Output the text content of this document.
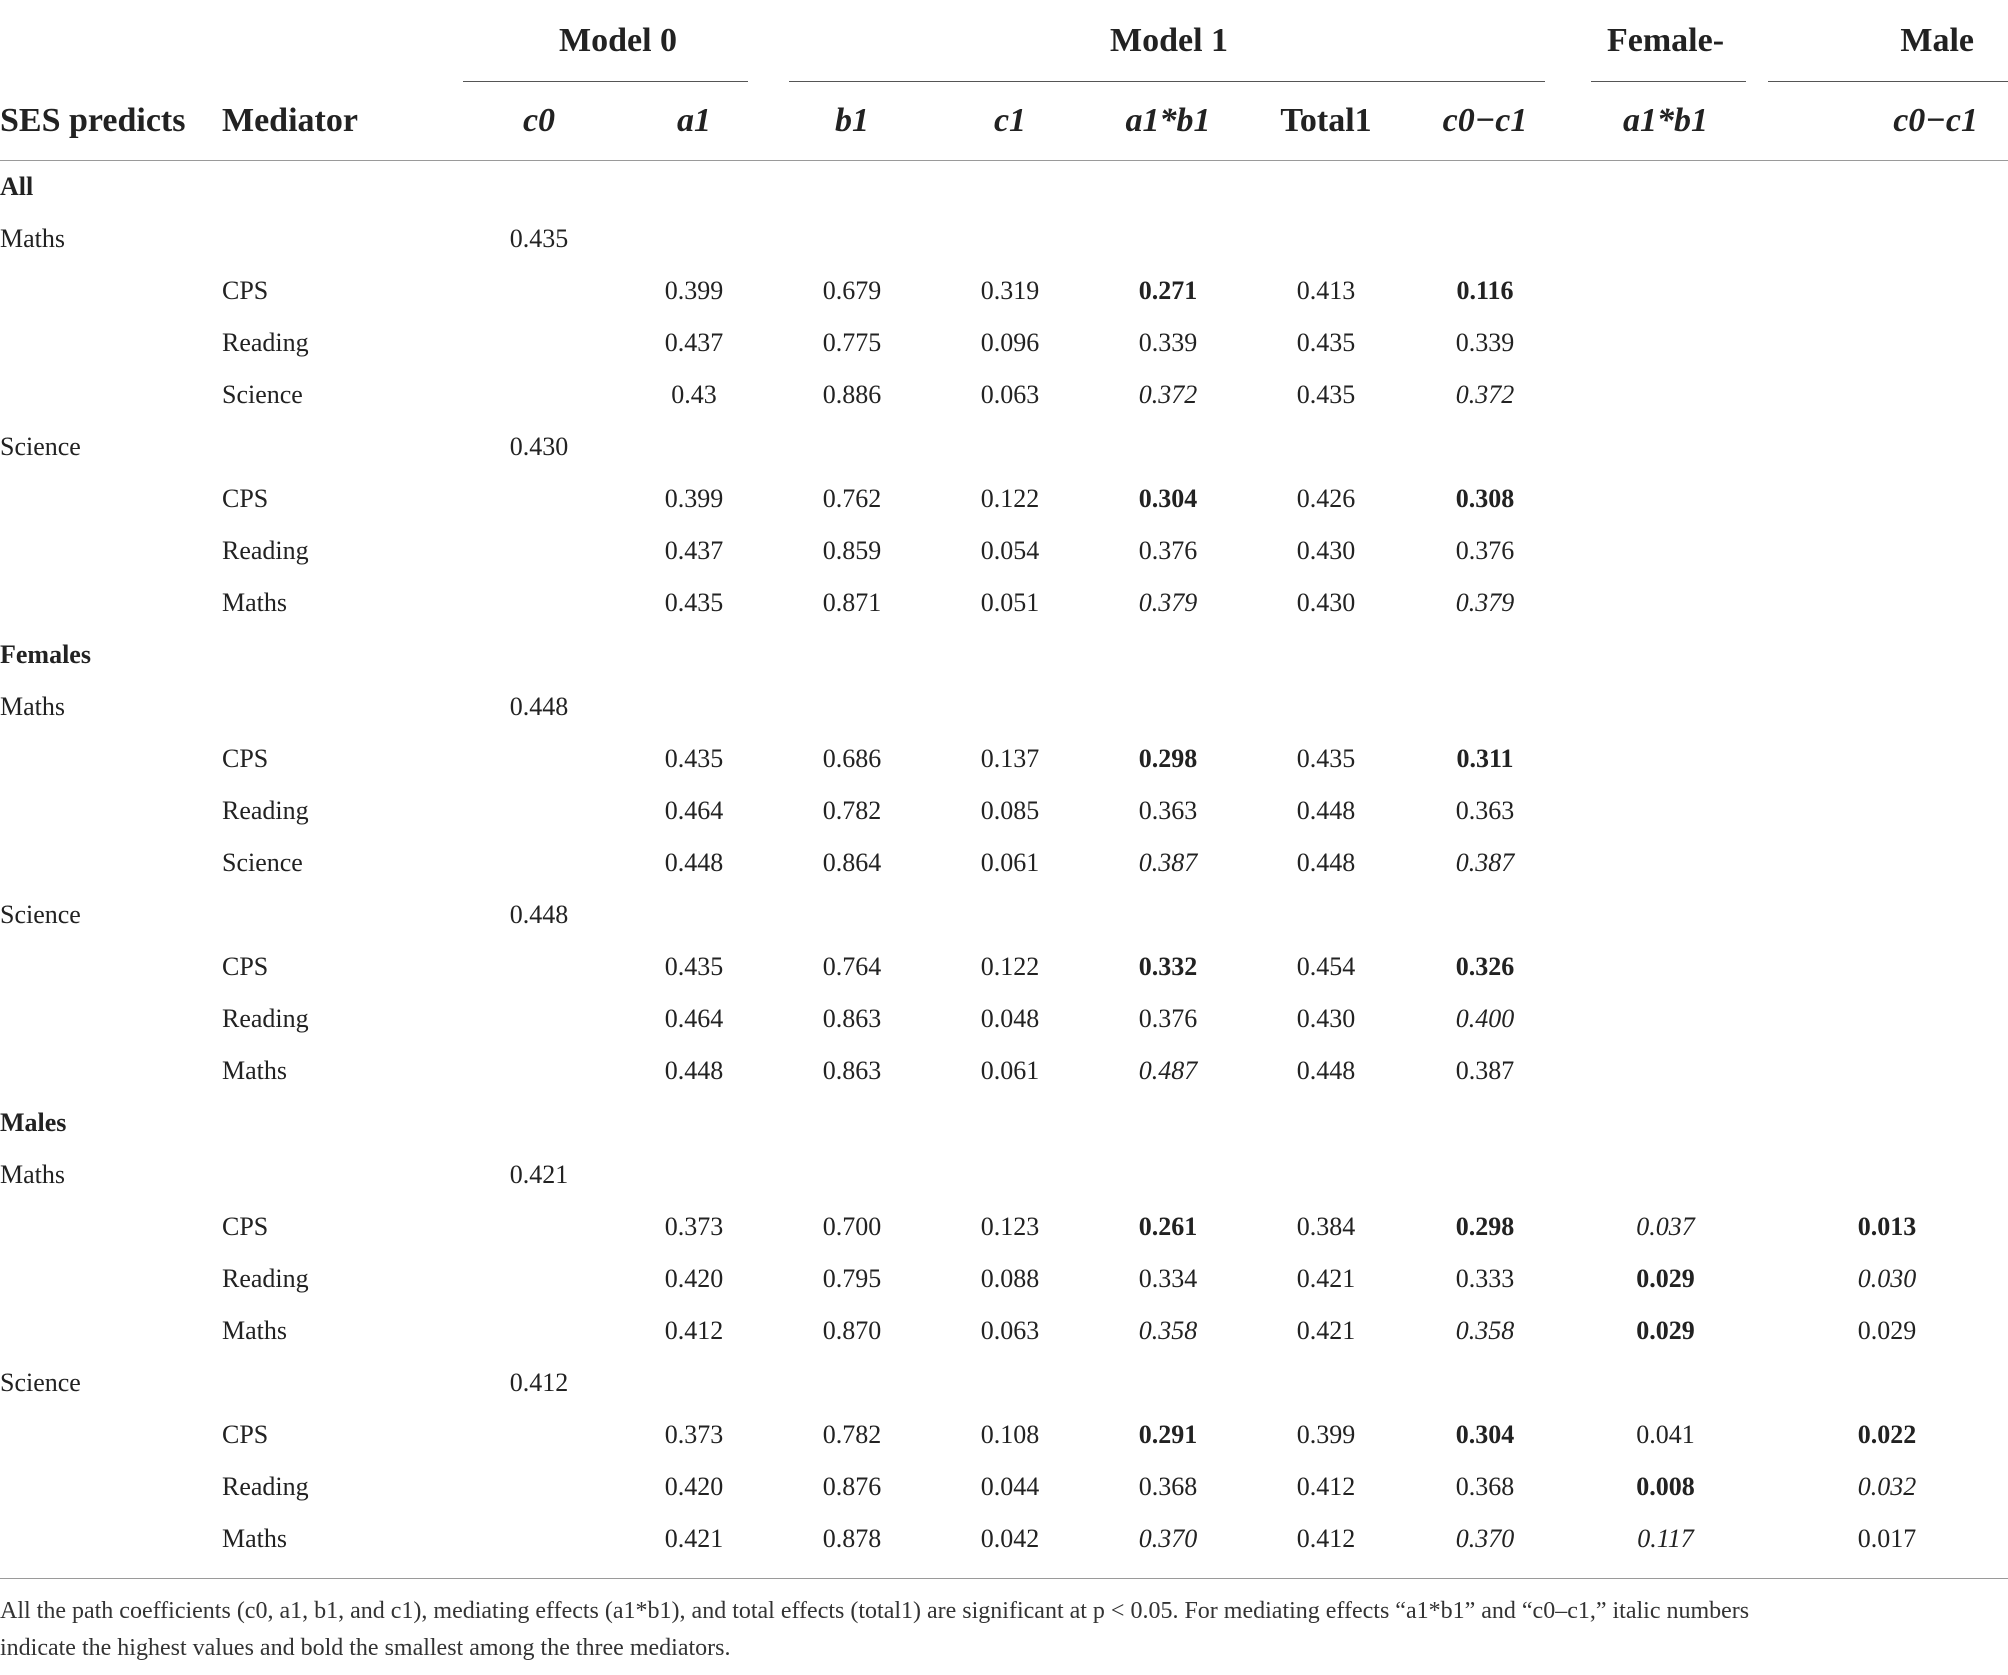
		Model 0		Model 1					Female-	Male

SES predicts	Mediator	c0	a1	b1	c1	a1*b1	Total1	c0−c1	a1*b1	c0−c1
All										
Maths		0.435								
	CPS		0.399	0.679	0.319	0.271	0.413	0.116		
	Reading		0.437	0.775	0.096	0.339	0.435	0.339		
	Science		0.43	0.886	0.063	0.372	0.435	0.372		
Science		0.430								
	CPS		0.399	0.762	0.122	0.304	0.426	0.308		
	Reading		0.437	0.859	0.054	0.376	0.430	0.376		
	Maths		0.435	0.871	0.051	0.379	0.430	0.379		
Females										
Maths		0.448								
	CPS		0.435	0.686	0.137	0.298	0.435	0.311		
	Reading		0.464	0.782	0.085	0.363	0.448	0.363		
	Science		0.448	0.864	0.061	0.387	0.448	0.387		
Science		0.448								
	CPS		0.435	0.764	0.122	0.332	0.454	0.326		
	Reading		0.464	0.863	0.048	0.376	0.430	0.400		
	Maths		0.448	0.863	0.061	0.487	0.448	0.387		
Males										
Maths		0.421								
	CPS		0.373	0.700	0.123	0.261	0.384	0.298	0.037	0.013
	Reading		0.420	0.795	0.088	0.334	0.421	0.333	0.029	0.030
	Maths		0.412	0.870	0.063	0.358	0.421	0.358	0.029	0.029
Science		0.412								
	CPS		0.373	0.782	0.108	0.291	0.399	0.304	0.041	0.022
	Reading		0.420	0.876	0.044	0.368	0.412	0.368	0.008	0.032
	Maths		0.421	0.878	0.042	0.370	0.412	0.370	0.117	0.017
All the path coefficients (c0, a1, b1, and c1), mediating effects (a1*b1), and total effects (total1) are significant at p < 0.05. For mediating effects “a1*b1” and “c0–c1,” italic numbers
indicate the highest values and bold the smallest among the three mediators.
